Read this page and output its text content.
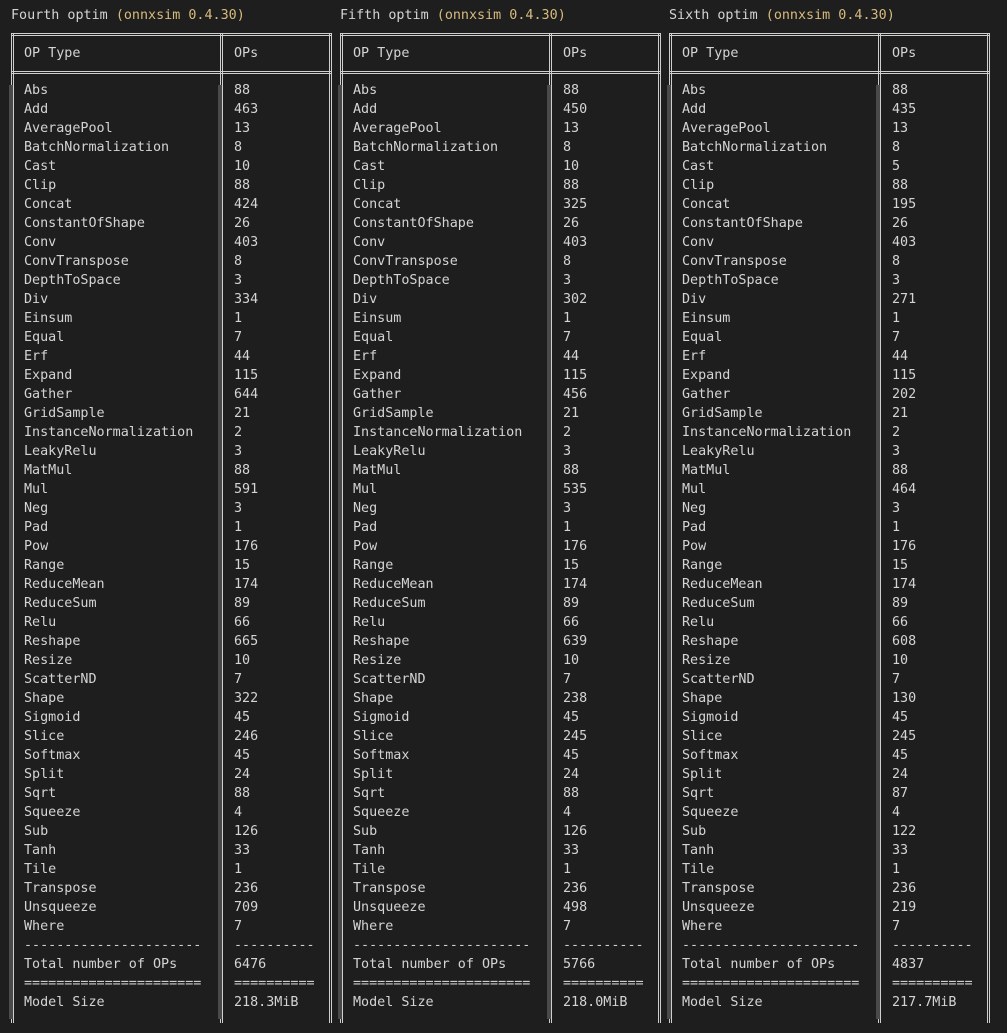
Fourth optim (onnxsim 0.4.30)
OP Type	OPs
Abs	88
Add	463
AveragePool	13
BatchNormalization	8
Cast	10
Clip	88
Concat	424
ConstantOfShape	26
Conv	403
ConvTranspose	8
DepthToSpace	3
Div	334
Einsum	1
Equal	7
Erf	44
Expand	115
Gather	644
GridSample	21
InstanceNormalization	2
LeakyRelu	3
MatMul	88
Mul	591
Neg	3
Pad	1
Pow	176
Range	15
ReduceMean	174
ReduceSum	89
Relu	66
Reshape	665
Resize	10
ScatterND	7
Shape	322
Sigmoid	45
Slice	246
Softmax	45
Split	24
Sqrt	88
Squeeze	4
Sub	126
Tanh	33
Tile	1
Transpose	236
Unsqueeze	709
Where	7
---------------------- ----------
Total number of OPs	6476
====================== ==========
Model Size	218.3MiB
Fifth optim (onnxsim 0.4.30)
OP Type	OPs
Abs	88
Add	450
AveragePool	13
BatchNormalization	8
Cast	10
Clip	88
Concat	325
ConstantOfShape	26
Conv	403
ConvTranspose	8
DepthToSpace	3
Div	302
Einsum	1
Equal	7
Erf	44
Expand	115
Gather	456
GridSample	21
InstanceNormalization	2
LeakyRelu	3
MatMul	88
Mul	535
Neg	3
Pad	1
Pow	176
Range	15
ReduceMean	174
ReduceSum	89
Relu	66
Reshape	639
Resize	10
ScatterND	7
Shape	238
Sigmoid	45
Slice	245
Softmax	45
Split	24
Sqrt	88
Squeeze	4
Sub	126
Tanh	33
Tile	1
Transpose	236
Unsqueeze	498
Where	7
---------------------- ----------
Total number of OPs	5766
====================== ==========
Model Size	218.0MiB
Sixth optim (onnxsim 0.4.30)
OP Type	OPs
Abs	88
Add	435
AveragePool	13
BatchNormalization	8
Cast	5
Clip	88
Concat	195
ConstantOfShape	26
Conv	403
ConvTranspose	8
DepthToSpace	3
Div	271
Einsum	1
Equal	7
Erf	44
Expand	115
Gather	202
GridSample	21
InstanceNormalization	2
LeakyRelu	3
MatMul	88
Mul	464
Neg	3
Pad	1
Pow	176
Range	15
ReduceMean	174
ReduceSum	89
Relu	66
Reshape	608
Resize	10
ScatterND	7
Shape	130
Sigmoid	45
Slice	245
Softmax	45
Split	24
Sqrt	87
Squeeze	4
Sub	122
Tanh	33
Tile	1
Transpose	236
Unsqueeze	219
Where	7
---------------------- ----------
Total number of OPs	4837
====================== ==========
Model Size	217.7MiB
